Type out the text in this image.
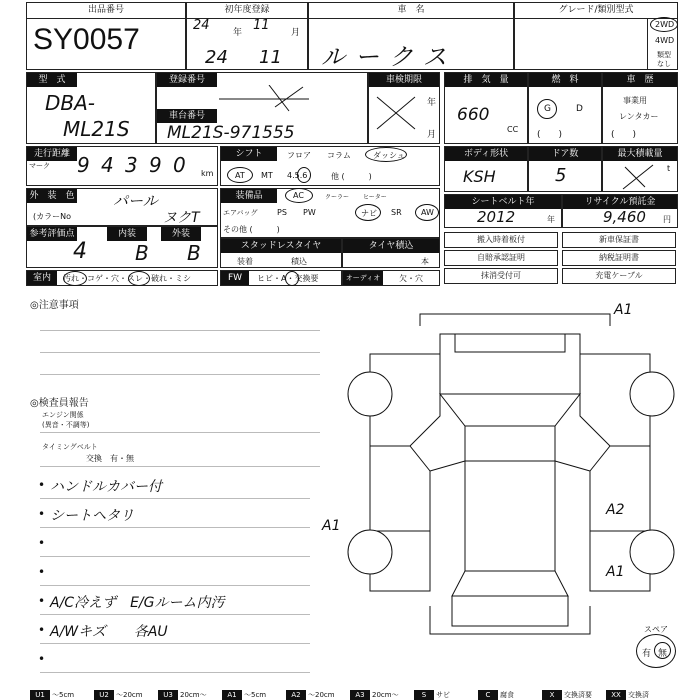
出品番号
SY0057
初年度登録
24	年 11 月
24 11
車　名
ルークス
グレード/類別型式
2WD
4WD
類型
なし
型　式
DBA-
ML21S
登録番号
車台番号
ML21S-971555
車検期限
年
月
排　気　量
660
CC
燃　料
G	D
(　　)
車　歴
事業用
レンタカー
(　　)
走行距離
マーク 9 4 3 9 0 km
シフト	フロア コラム	ダッシュ
AT MT 4.5.6	他 (　　　)
ボディ形状
KSH
ドア数
5
最大積載量
t
外　装　色	パール
(カラーNo	ヌクT
装備品	AC	クーラー ヒーター
エアバッグ PS PW	ナビ SR AW
その他 (　　　)
シートベルト年
2012	年
リサイクル預託金
9,460 円
参考評価点
4
内装
B
外装
B	スタッドレスタイヤ
装着	積込
タイヤ積込
本
搬入時着板付	新車保証書
自賠承認証明	納税証明書
抹消受付可	充電ケーブル
室内	汚れ・コゲ・穴・スレ・破れ・ミシ	FW	ヒビ・A・交換要	オーディオ	欠・穴
◎注意事項
◎検査員報告
エンジン関係
(異音・不調等)
タイミングベルト
交換　有・無
• ハンドルカバー付
• シートヘタリ
•
•
• A/C冷えず　E/Gルーム内汚
• A/Wキズ　　各AU
•
A1
A1
A2
A1
スペア
有 無
U1	〜5cm	U2	〜20cm	U3	20cm〜	A1	〜5cm	A2	〜20cm	A3	20cm〜	S	サビ	C	腐食	X	交換済要	XX	交換済
